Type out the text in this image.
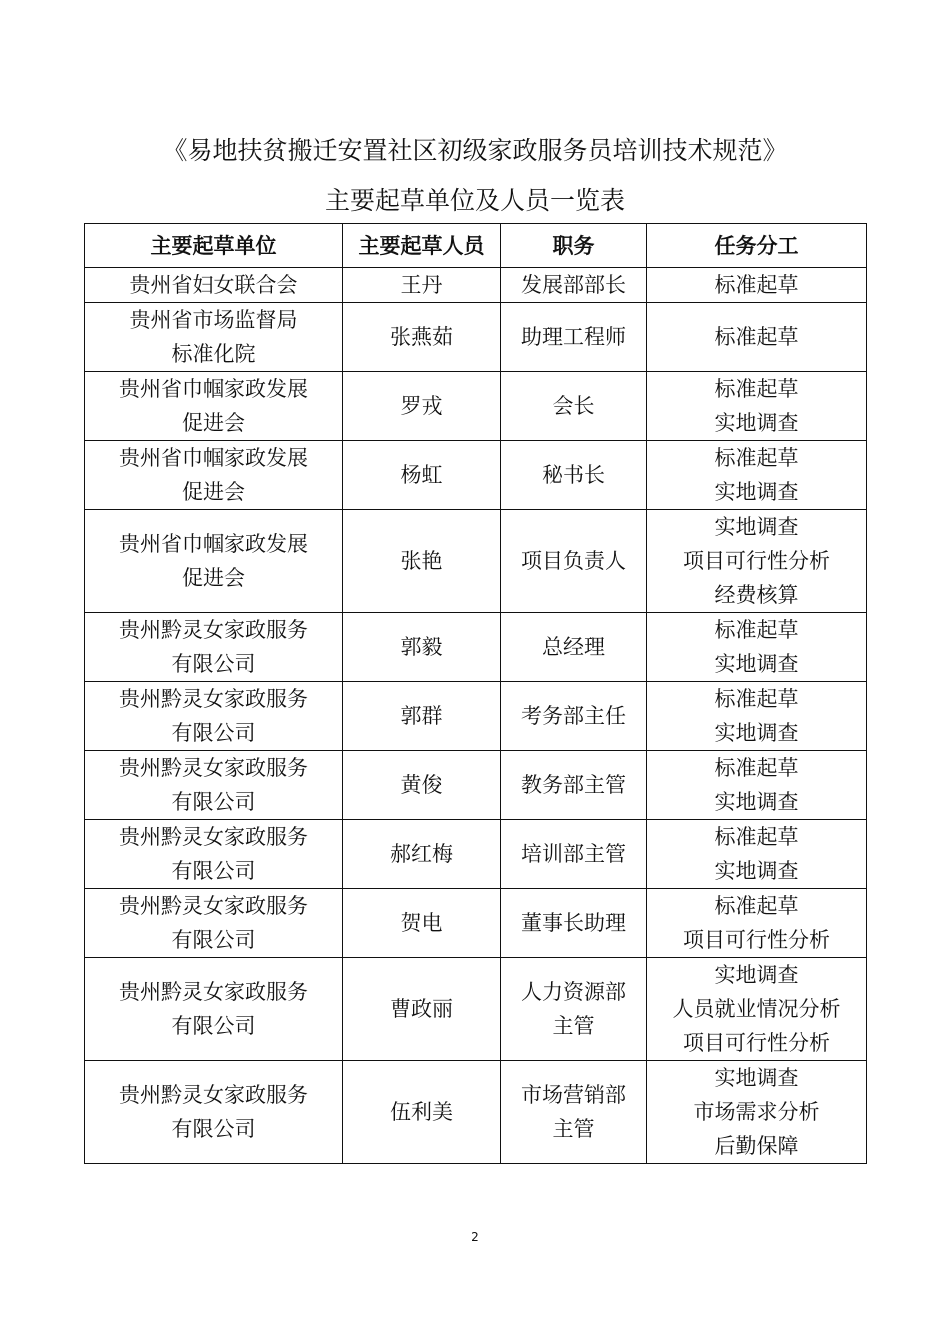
《易地扶贫搬迁安置社区初级家政服务员培训技术规范》
主要起草单位及人员一览表
主要起草单位	主要起草人员	职务	任务分工

贵州省妇女联合会	王丹	发展部部长	标准起草

贵州省市场监督局
标准化院	张燕茹	助理工程师	标准起草

贵州省巾帼家政发展
促进会	罗戎	会长	标准起草
实地调查

贵州省巾帼家政发展
促进会	杨虹	秘书长	标准起草
实地调查

贵州省巾帼家政发展
促进会	张艳	项目负责人	实地调查
项目可行性分析
经费核算

贵州黔灵女家政服务
有限公司	郭毅	总经理	标准起草
实地调查

贵州黔灵女家政服务
有限公司	郭群	考务部主任	标准起草
实地调查

贵州黔灵女家政服务
有限公司	黄俊	教务部主管	标准起草
实地调查

贵州黔灵女家政服务
有限公司	郝红梅	培训部主管	标准起草
实地调查

贵州黔灵女家政服务
有限公司	贺电	董事长助理	标准起草
项目可行性分析

贵州黔灵女家政服务
有限公司	曹政丽	人力资源部
主管	实地调查
人员就业情况分析
项目可行性分析

贵州黔灵女家政服务
有限公司	伍利美	市场营销部
主管	实地调查
市场需求分析
后勤保障
2
